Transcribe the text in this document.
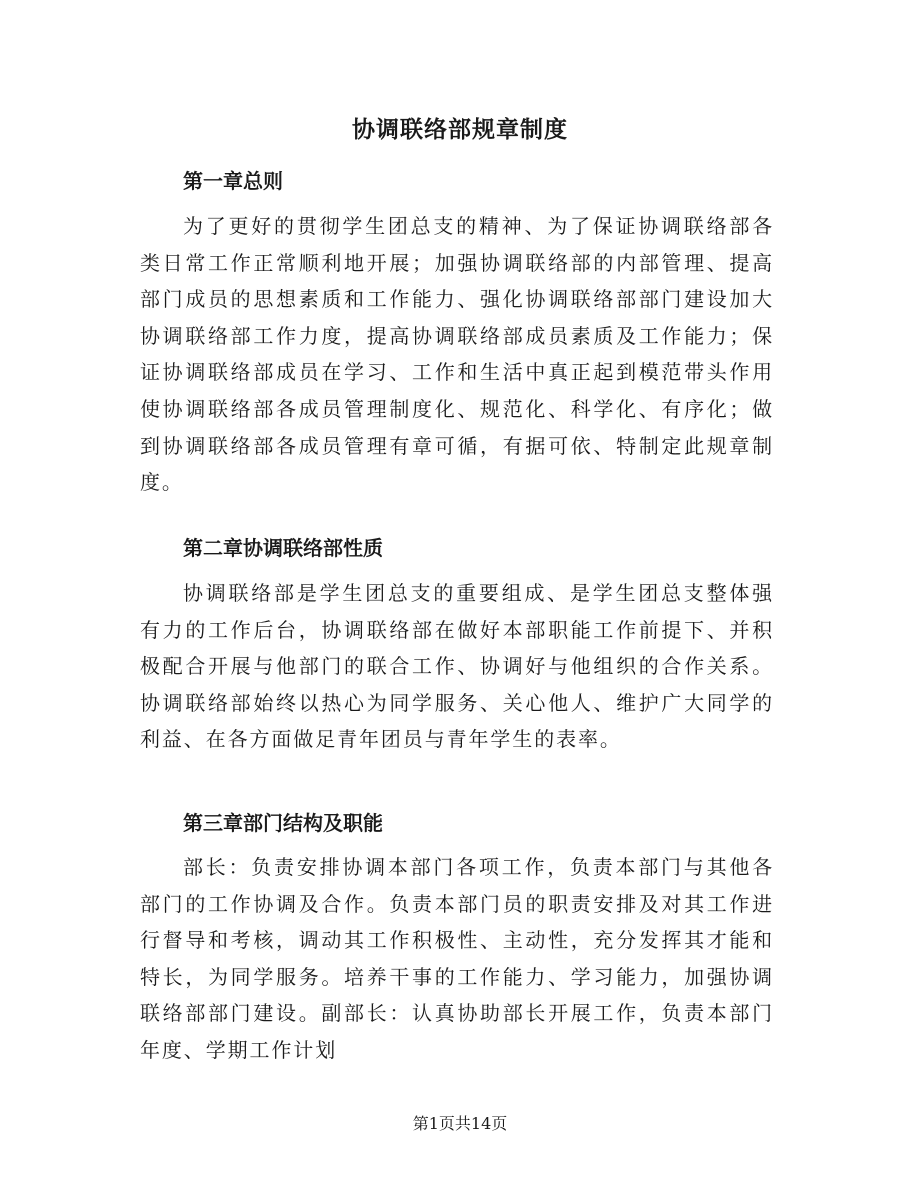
协调联络部规章制度
第一章总则
为了更好的贯彻学生团总支的精神、为了保证协调联络部各类日常工作正常顺利地开展；加强协调联络部的内部管理、提高部门成员的思想素质和工作能力、强化协调联络部部门建设加大协调联络部工作力度，提高协调联络部成员素质及工作能力；保证协调联络部成员在学习、工作和生活中真正起到模范带头作用使协调联络部各成员管理制度化、规范化、科学化、有序化；做到协调联络部各成员管理有章可循，有据可依、特制定此规章制度。
第二章协调联络部性质
协调联络部是学生团总支的重要组成、是学生团总支整体强有力的工作后台，协调联络部在做好本部职能工作前提下、并积极配合开展与他部门的联合工作、协调好与他组织的合作关系。协调联络部始终以热心为同学服务、关心他人、维护广大同学的利益、在各方面做足青年团员与青年学生的表率。
第三章部门结构及职能
部长：负责安排协调本部门各项工作，负责本部门与其他各部门的工作协调及合作。负责本部门员的职责安排及对其工作进行督导和考核，调动其工作积极性、主动性，充分发挥其才能和特长，为同学服务。培养干事的工作能力、学习能力，加强协调联络部部门建设。副部长：认真协助部长开展工作，负责本部门年度、学期工作计划
第1页共14页
